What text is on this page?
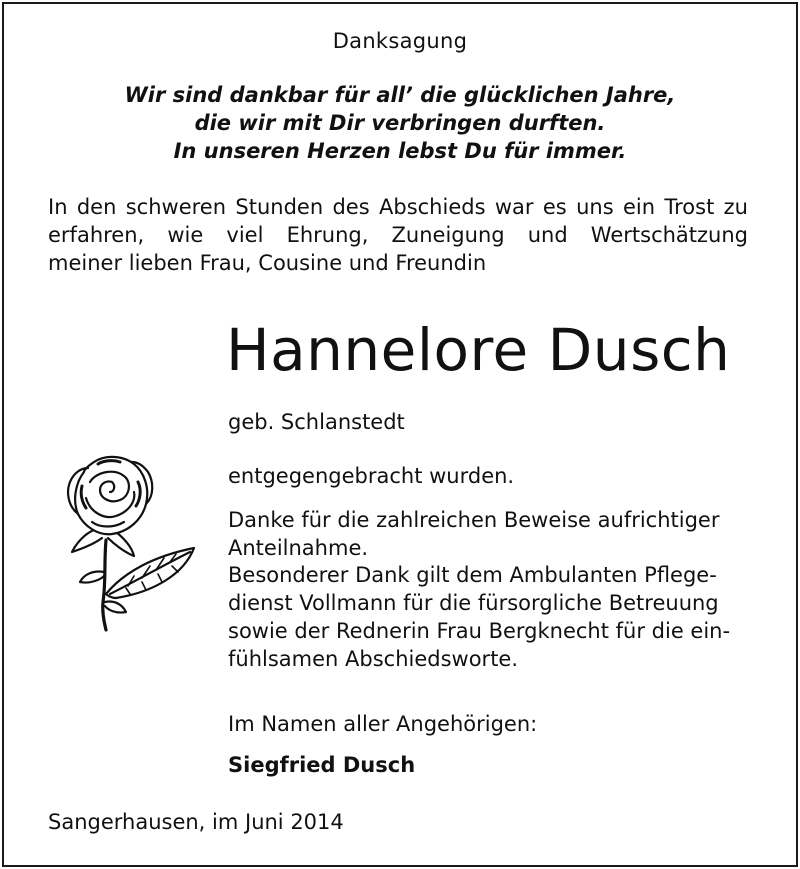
Danksagung

Wir sind dankbar für all’ die glücklichen Jahre,

die wir mit Dir verbringen durften.

In unseren Herzen lebst Du für immer.

In den schweren Stunden des Abschieds war es uns ein Trost zu

erfahren, wie viel Ehrung, Zuneigung und Wertschätzung

meiner lieben Frau, Cousine und Freundin

Hannelore Dusch

geb. Schlanstedt

entgegengebracht wurden.

Danke für die zahlreichen Beweise aufrichtiger

Anteilnahme.

Besonderer Dank gilt dem Ambulanten Pflege-

dienst Vollmann für die fürsorgliche Betreuung

sowie der Rednerin Frau Bergknecht für die ein-

fühlsamen Abschiedsworte.

Im Namen aller Angehörigen:

Siegfried Dusch

Sangerhausen, im Juni 2014
